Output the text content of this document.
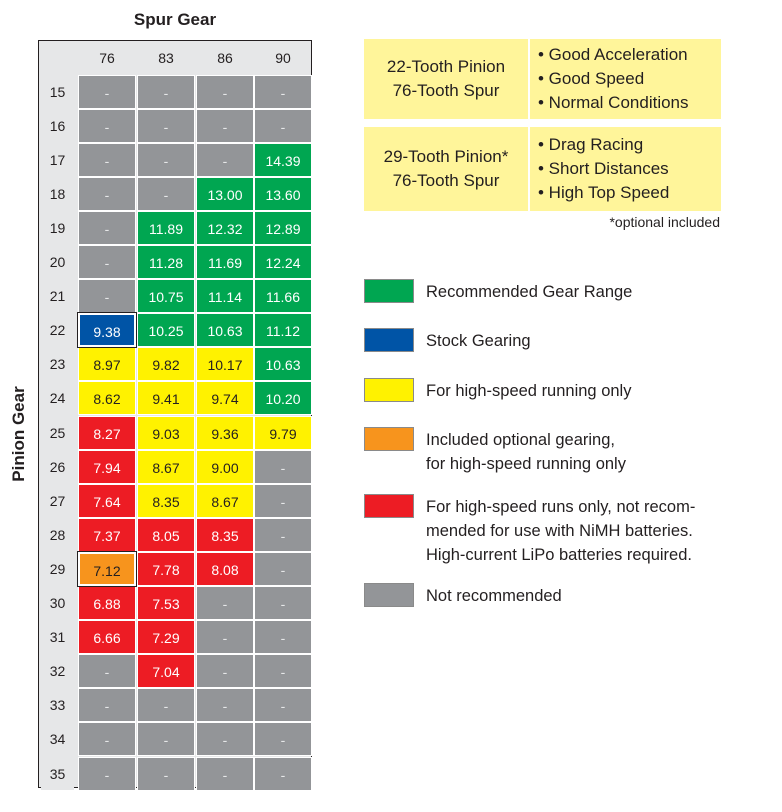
Spur Gear
Pinion Gear
76	83	86	90
15	-	-	-	-
16	-	-	-	-
17	-	-	-	14.39
18	-	-	13.00	13.60
19	-	11.89	12.32	12.89
20	-	11.28	11.69	12.24
21	-	10.75	11.14	11.66
22	9.38	10.25	10.63	11.12
23	8.97	9.82	10.17	10.63
24	8.62	9.41	9.74	10.20
25	8.27	9.03	9.36	9.79
26	7.94	8.67	9.00	-
27	7.64	8.35	8.67	-
28	7.37	8.05	8.35	-
29	7.12	7.78	8.08	-
30	6.88	7.53	-	-
31	6.66	7.29	-	-
32	-	7.04	-	-
33	-	-	-	-
34	-	-	-	-
35	-	-	-	-
22-Tooth Pinion
76-Tooth Spur
• Good Acceleration
• Good Speed
• Normal Conditions
29-Tooth Pinion*
76-Tooth Spur
• Drag Racing
• Short Distances
• High Top Speed
*optional included
Recommended Gear Range
Stock Gearing
For high-speed running only
Included optional gearing,
for high-speed running only
For high-speed runs only, not recom-
mended for use with NiMH batteries.
High-current LiPo batteries required.
Not recommended
